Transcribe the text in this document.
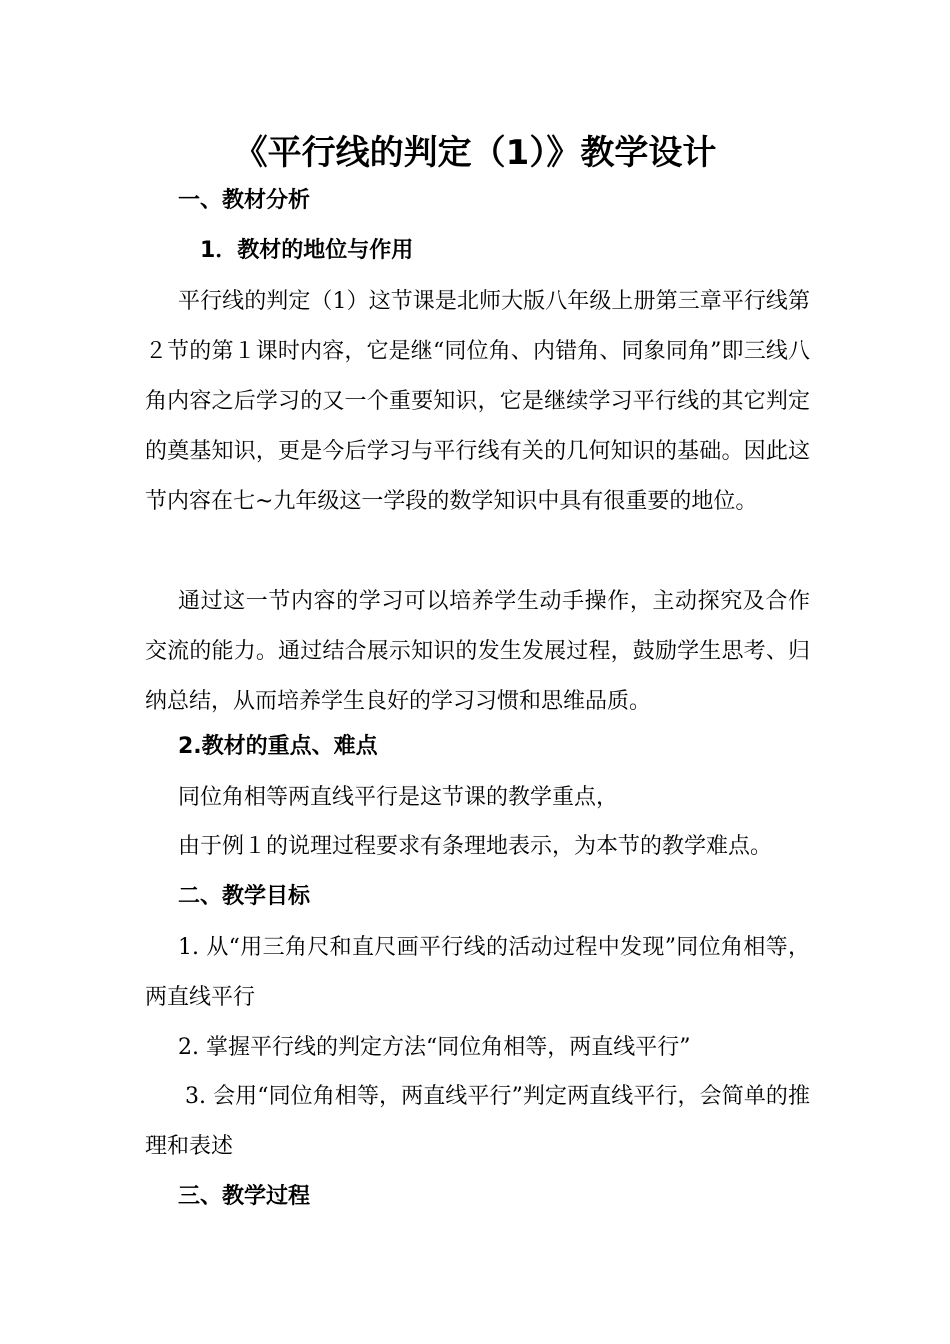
《平行线的判定（1）》教学设计
一、教材分析
1．教材的地位与作用

平行线的判定（1）这节课是北师大版八年级上册第三章平行线第２节的第１课时内容，它是继“同位角、内错角、同象同角”即三线八角内容之后学习的又一个重要知识，它是继续学习平行线的其它判定的奠基知识，更是今后学习与平行线有关的几何知识的基础。因此这节内容在七~九年级这一学段的数学知识中具有很重要的地位。

通过这一节内容的学习可以培养学生动手操作，主动探究及合作交流的能力。通过结合展示知识的发生发展过程，鼓励学生思考、归纳总结，从而培养学生良好的学习习惯和思维品质。

2.教材的重点、难点

同位角相等两直线平行是这节课的教学重点，

由于例１的说理过程要求有条理地表示，为本节的教学难点。

二、教学目标

1. 从“用三角尺和直尺画平行线的活动过程中发现”同位角相等，两直线平行

2. 掌握平行线的判定方法“同位角相等，两直线平行”

3. 会用“同位角相等，两直线平行”判定两直线平行，会简单的推理和表述

三、教学过程
